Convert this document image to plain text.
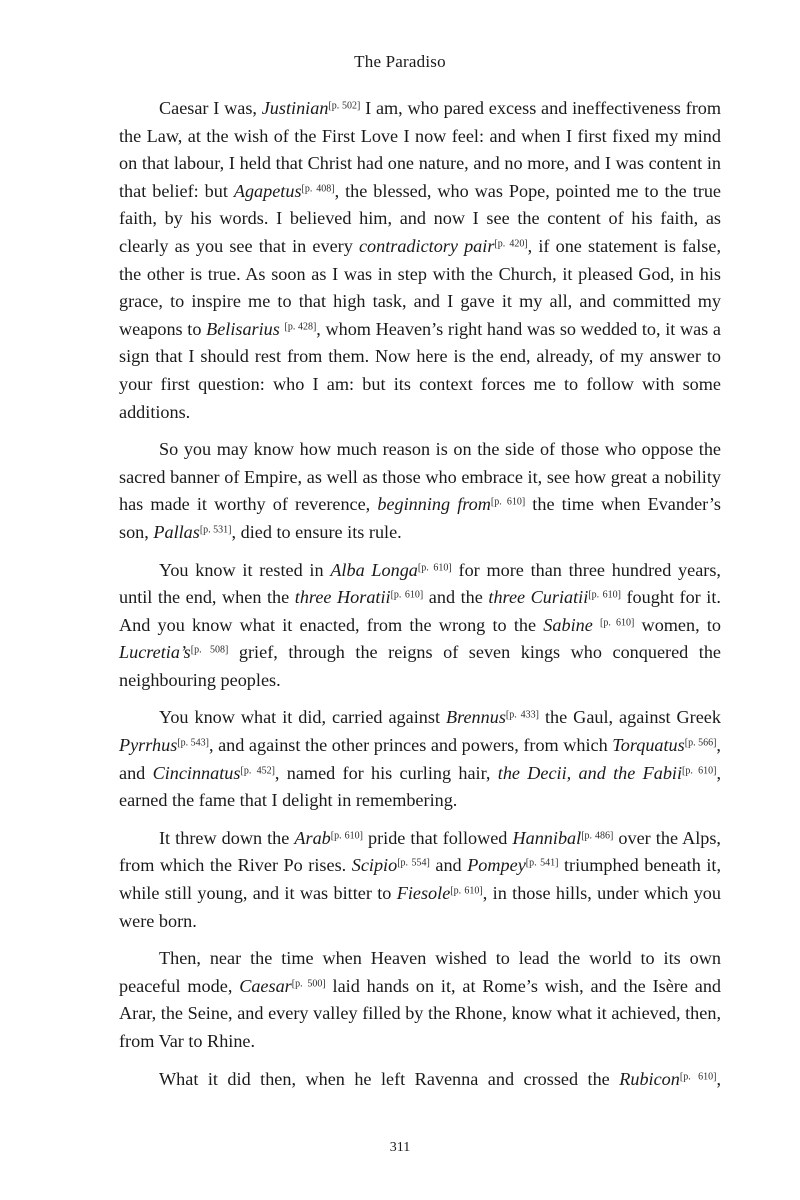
The Paradiso

Caesar I was, Justinian[p. 502] I am, who pared excess and ineffectiveness from the Law, at the wish of the First Love I now feel: and when I first fixed my mind on that labour, I held that Christ had one nature, and no more, and I was content in that belief: but Agapetus[p. 408], the blessed, who was Pope, pointed me to the true faith, by his words. I believed him, and now I see the content of his faith, as clearly as you see that in every contradictory pair[p. 420], if one statement is false, the other is true. As soon as I was in step with the Church, it pleased God, in his grace, to inspire me to that high task, and I gave it my all, and committed my weapons to Belisarius [p. 428], whom Heaven’s right hand was so wedded to, it was a sign that I should rest from them. Now here is the end, already, of my answer to your first question: who I am: but its context forces me to follow with some additions.

So you may know how much reason is on the side of those who oppose the sacred banner of Empire, as well as those who embrace it, see how great a nobility has made it worthy of reverence, beginning from[p. 610] the time when Evander’s son, Pallas[p. 531], died to ensure its rule.

You know it rested in Alba Longa[p. 610] for more than three hundred years, until the end, when the three Horatii[p. 610] and the three Curiatii[p. 610] fought for it. And you know what it enacted, from the wrong to the Sabine [p. 610] women, to Lucretia’s[p. 508] grief, through the reigns of seven kings who conquered the neighbouring peoples.

You know what it did, carried against Brennus[p. 433] the Gaul, against Greek Pyrrhus[p. 543], and against the other princes and powers, from which Torquatus[p. 566], and Cincinnatus[p. 452], named for his curling hair, the Decii, and the Fabii[p. 610], earned the fame that I delight in remembering.

It threw down the Arab[p. 610] pride that followed Hannibal[p. 486] over the Alps, from which the River Po rises. Scipio[p. 554] and Pompey[p. 541] triumphed beneath it, while still young, and it was bitter to Fiesole[p. 610], in those hills, under which you were born.

Then, near the time when Heaven wished to lead the world to its own peaceful mode, Caesar[p. 500] laid hands on it, at Rome’s wish, and the Isère and Arar, the Seine, and every valley filled by the Rhone, know what it achieved, then, from Var to Rhine.

What it did then, when he left Ravenna and crossed the Rubicon[p. 610],

311
